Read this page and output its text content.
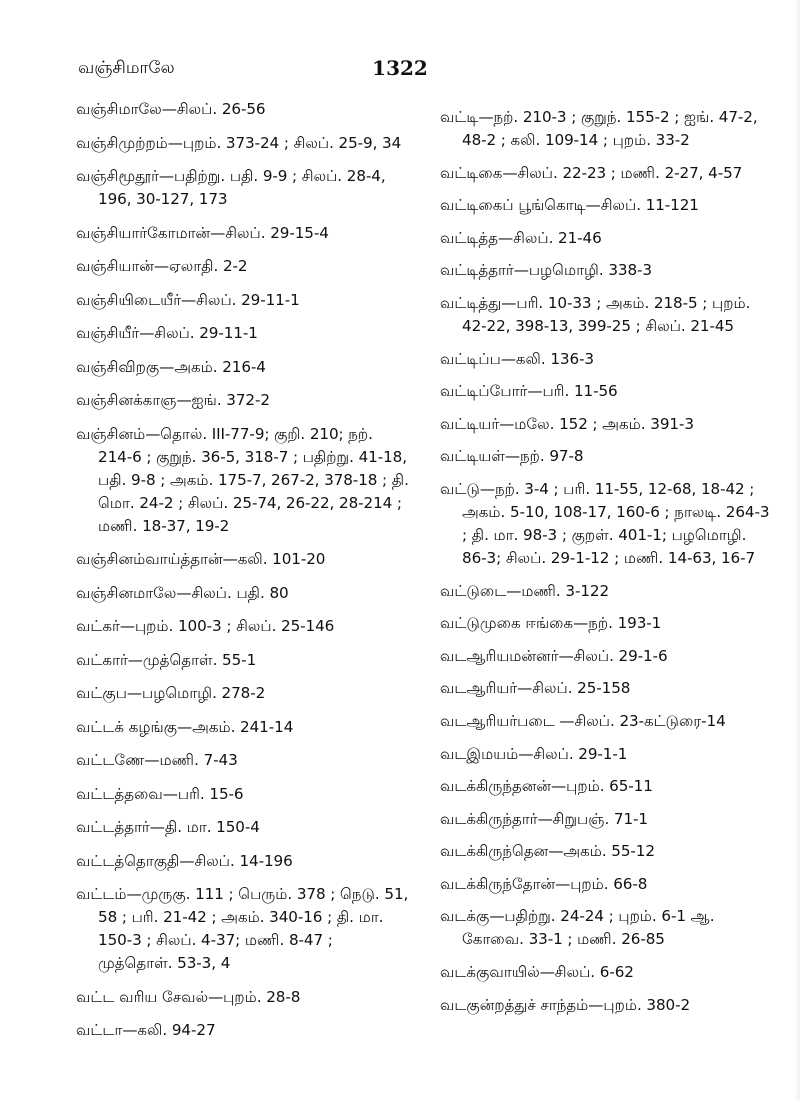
வஞ்சிமாலே	1322
வஞ்சிமாலே—சிலப். 26-56
வஞ்சிமுற்றம்—புறம். 373-24 ; சிலப். 25-9, 34
வஞ்சிமூதூர்—பதிற்று. பதி. 9-9 ; சிலப். 28-4, 196, 30-127, 173
வஞ்சியார்கோமான்—சிலப். 29-15-4
வஞ்சியான்—ஏலாதி. 2-2
வஞ்சியிடையீர்—சிலப். 29-11-1
வஞ்சியீர்—சிலப். 29-11-1
வஞ்சிவிறகு—அகம். 216-4
வஞ்சினக்காஞ—ஐங். 372-2
வஞ்சினம்—தொல். III-77-9; குறி. 210; நற். 214-6 ; குறுந். 36-5, 318-7 ; பதிற்று. 41-18, பதி. 9-8 ; அகம். 175-7, 267-2, 378-18 ; தி. மொ. 24-2 ; சிலப். 25-74, 26-22, 28-214 ; மணி. 18-37, 19-2
வஞ்சினம்வாய்த்தான்—கலி. 101-20
வஞ்சினமாலே—சிலப். பதி. 80
வட்கர்—புறம். 100-3 ; சிலப். 25-146
வட்கார்—முத்தொள். 55-1
வட்குப—பழமொழி. 278-2
வட்டக் கழங்கு—அகம். 241-14
வட்டணே—மணி. 7-43
வட்டத்தவை—பரி. 15-6
வட்டத்தார்—தி. மா. 150-4
வட்டத்தொகுதி—சிலப். 14-196
வட்டம்—முருகு. 111 ; பெரும். 378 ; நெடு. 51, 58 ; பரி. 21-42 ; அகம். 340-16 ; தி. மா. 150-3 ; சிலப். 4-37; மணி. 8-47 ; முத்தொள். 53-3, 4
வட்ட வரிய சேவல்—புறம். 28-8
வட்டா—கலி. 94-27
வட்டி—நற். 210-3 ; குறுந். 155-2 ; ஐங். 47-2, 48-2 ; கலி. 109-14 ; புறம். 33-2
வட்டிகை—சிலப். 22-23 ; மணி. 2-27, 4-57
வட்டிகைப் பூங்கொடி—சிலப். 11-121
வட்டித்த—சிலப். 21-46
வட்டித்தார்—பழமொழி. 338-3
வட்டித்து—பரி. 10-33 ; அகம். 218-5 ; புறம். 42-22, 398-13, 399-25 ; சிலப். 21-45
வட்டிப்ப—கலி. 136-3
வட்டிப்போர்—பரி. 11-56
வட்டியர்—மலே. 152 ; அகம். 391-3
வட்டியள்—நற். 97-8
வட்டு—நற். 3-4 ; பரி. 11-55, 12-68, 18-42 ; அகம். 5-10, 108-17, 160-6 ; நாலடி. 264-3 ; தி. மா. 98-3 ; குறள். 401-1; பழமொழி. 86-3; சிலப். 29-1-12 ; மணி. 14-63, 16-7
வட்டுடை—மணி. 3-122
வட்டுமுகை ஈங்கை—நற். 193-1
வடஆரியமன்னர்—சிலப். 29-1-6
வடஆரியர்—சிலப். 25-158
வடஆரியர்படை —சிலப். 23-கட்டுரை-14
வடஇமயம்—சிலப். 29-1-1
வடக்கிருந்தனன்—புறம். 65-11
வடக்கிருந்தார்—சிறுபஞ். 71-1
வடக்கிருந்தென—அகம். 55-12
வடக்கிருந்தோன்—புறம். 66-8
வடக்கு—பதிற்று. 24-24 ; புறம். 6-1 ஆ. கோவை. 33-1 ; மணி. 26-85
வடக்குவாயில்—சிலப். 6-62
வடகுன்றத்துச் சாந்தம்—புறம். 380-2
